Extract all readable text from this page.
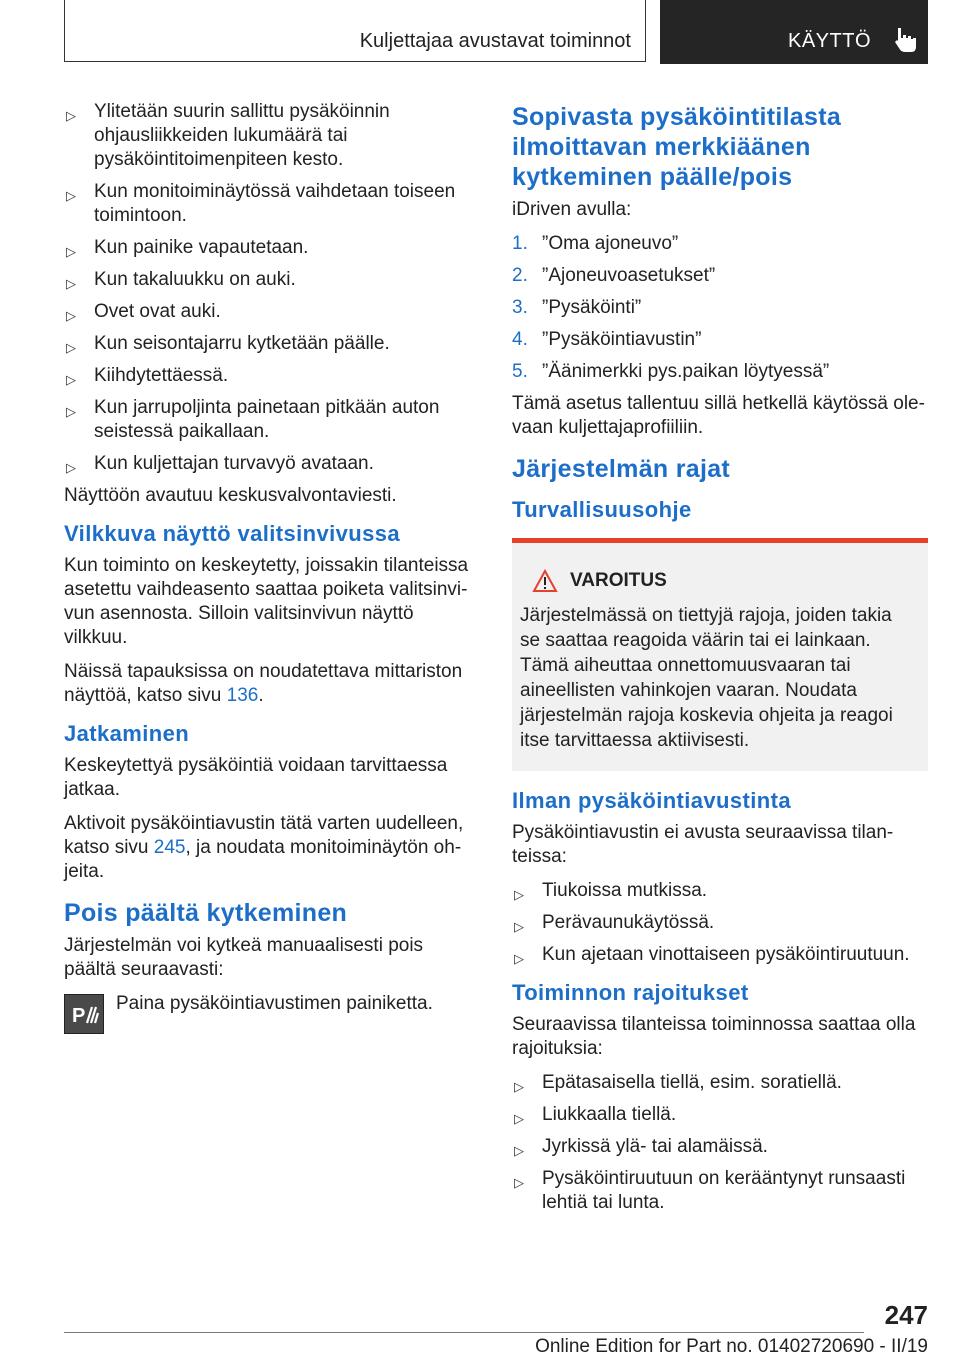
Kuljettajaa avustavat toiminnot	KÄYTTÖ
▷ Ylitetään suurin sallittu pysäköinnin ohjausliikkeiden lukumäärä tai pysäköintitoimenpiteen kesto.
▷ Kun monitoiminäytössä vaihdetaan toiseen toimintoon.
▷ Kun painike vapautetaan.
▷ Kun takaluukku on auki.
▷ Ovet ovat auki.
▷ Kun seisontajarru kytketään päälle.
▷ Kiihdytettäessä.
▷ Kun jarrupoljinta painetaan pitkään auton seistessä paikallaan.
▷ Kun kuljettajan turvavyö avataan.

Näyttöön avautuu keskusvalvontaviesti.

Vilkkuva näyttö valitsinvivussa

Kun toiminto on keskeytetty, joissakin tilanteissa asetettu vaihdeasento saattaa poiketa valitsinvivun asennosta. Silloin valitsinvivun näyttö vilkkuu.

Näissä tapauksissa on noudatettava mittariston näyttöä, katso sivu 136.

Jatkaminen

Keskeytettyä pysäköintiä voidaan tarvittaessa jatkaa.

Aktivoit pysäköintiavustin tätä varten uudelleen, katso sivu 245, ja noudata monitoiminäytön ohjeita.

Pois päältä kytkeminen

Järjestelmän voi kytkeä manuaalisesti pois päältä seuraavasti:

P

Paina pysäköintiavustimen painiketta.

Sopivasta pysäköintitilasta ilmoittavan merkkiäänen kytkeminen päälle/pois

iDriven avulla:

1. ”Oma ajoneuvo”
2. ”Ajoneuvoasetukset”
3. ”Pysäköinti”
4. ”Pysäköintiavustin”
5. ”Äänimerkki pys.paikan löytyessä”

Tämä asetus tallentuu sillä hetkellä käytössä olevaan kuljettajaprofiiliin.

Järjestelmän rajat
Turvallisuusohje
VAROITUS

Järjestelmässä on tiettyjä rajoja, joiden takia se saattaa reagoida väärin tai ei lainkaan. Tämä aiheuttaa onnettomuusvaaran tai aineellisten vahinkojen vaaran. Noudata järjestelmän rajoja koskevia ohjeita ja reagoi itse tarvittaessa aktiivisesti.

Ilman pysäköintiavustinta

Pysäköintiavustin ei avusta seuraavissa tilanteissa:

▷ Tiukoissa mutkissa.
▷ Perävaunukäytössä.
▷ Kun ajetaan vinottaiseen pysäköintiruutuun.
Toiminnon rajoitukset

Seuraavissa tilanteissa toiminnossa saattaa olla rajoituksia:

▷ Epätasaisella tiellä, esim. soratiellä.
▷ Liukkaalla tiellä.
▷ Jyrkissä ylä- tai alamäissä.
▷ Pysäköintiruutuun on kerääntynyt runsaasti lehtiä tai lunta.
247
Online Edition for Part no. 01402720690 - II/19
